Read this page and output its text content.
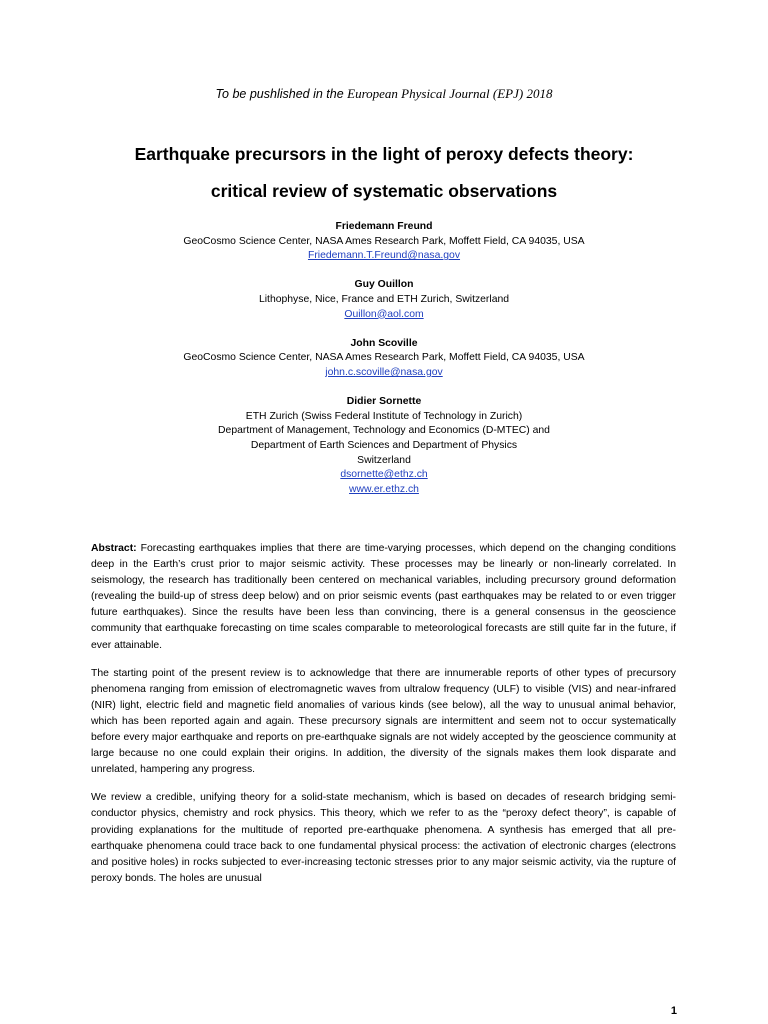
To be pushlished in the European Physical Journal (EPJ) 2018
Earthquake precursors in the light of peroxy defects theory:
critical review of systematic observations
Friedemann Freund
GeoCosmo Science Center, NASA Ames Research Park, Moffett Field, CA 94035, USA
Friedemann.T.Freund@nasa.gov
Guy Ouillon
Lithophyse, Nice, France and ETH Zurich, Switzerland
Ouillon@aol.com
John Scoville
GeoCosmo Science Center, NASA Ames Research Park, Moffett Field, CA 94035, USA
john.c.scoville@nasa.gov
Didier Sornette
ETH Zurich (Swiss Federal Institute of Technology in Zurich)
Department of Management, Technology and Economics (D-MTEC) and
Department of Earth Sciences and Department of Physics
Switzerland
dsornette@ethz.ch
www.er.ethz.ch

Abstract: Forecasting earthquakes implies that there are time-varying processes, which depend on the changing conditions deep in the Earth’s crust prior to major seismic activity. These processes may be linearly or non-linearly correlated. In seismology, the research has traditionally been centered on mechanical variables, including precursory ground deformation (revealing the build-up of stress deep below) and on prior seismic events (past earthquakes may be related to or even trigger future earthquakes). Since the results have been less than convincing, there is a general consensus in the geoscience community that earthquake forecasting on time scales comparable to meteorological forecasts are still quite far in the future, if ever attainable.

The starting point of the present review is to acknowledge that there are innumerable reports of other types of precursory phenomena ranging from emission of electromagnetic waves from ultralow frequency (ULF) to visible (VIS) and near-infrared (NIR) light, electric field and magnetic field anomalies of various kinds (see below), all the way to unusual animal behavior, which has been reported again and again. These precursory signals are intermittent and seem not to occur systematically before every major earthquake and reports on pre-earthquake signals are not widely accepted by the geoscience community at large because no one could explain their origins. In addition, the diversity of the signals makes them look disparate and unrelated, hampering any progress.

We review a credible, unifying theory for a solid-state mechanism, which is based on decades of research bridging semi-conductor physics, chemistry and rock physics. This theory, which we refer to as the “peroxy defect theory”, is capable of providing explanations for the multitude of reported pre-earthquake phenomena. A synthesis has emerged that all pre-earthquake phenomena could trace back to one fundamental physical process: the activation of electronic charges (electrons and positive holes) in rocks subjected to ever-increasing tectonic stresses prior to any major seismic activity, via the rupture of peroxy bonds. The holes are unusual

1
